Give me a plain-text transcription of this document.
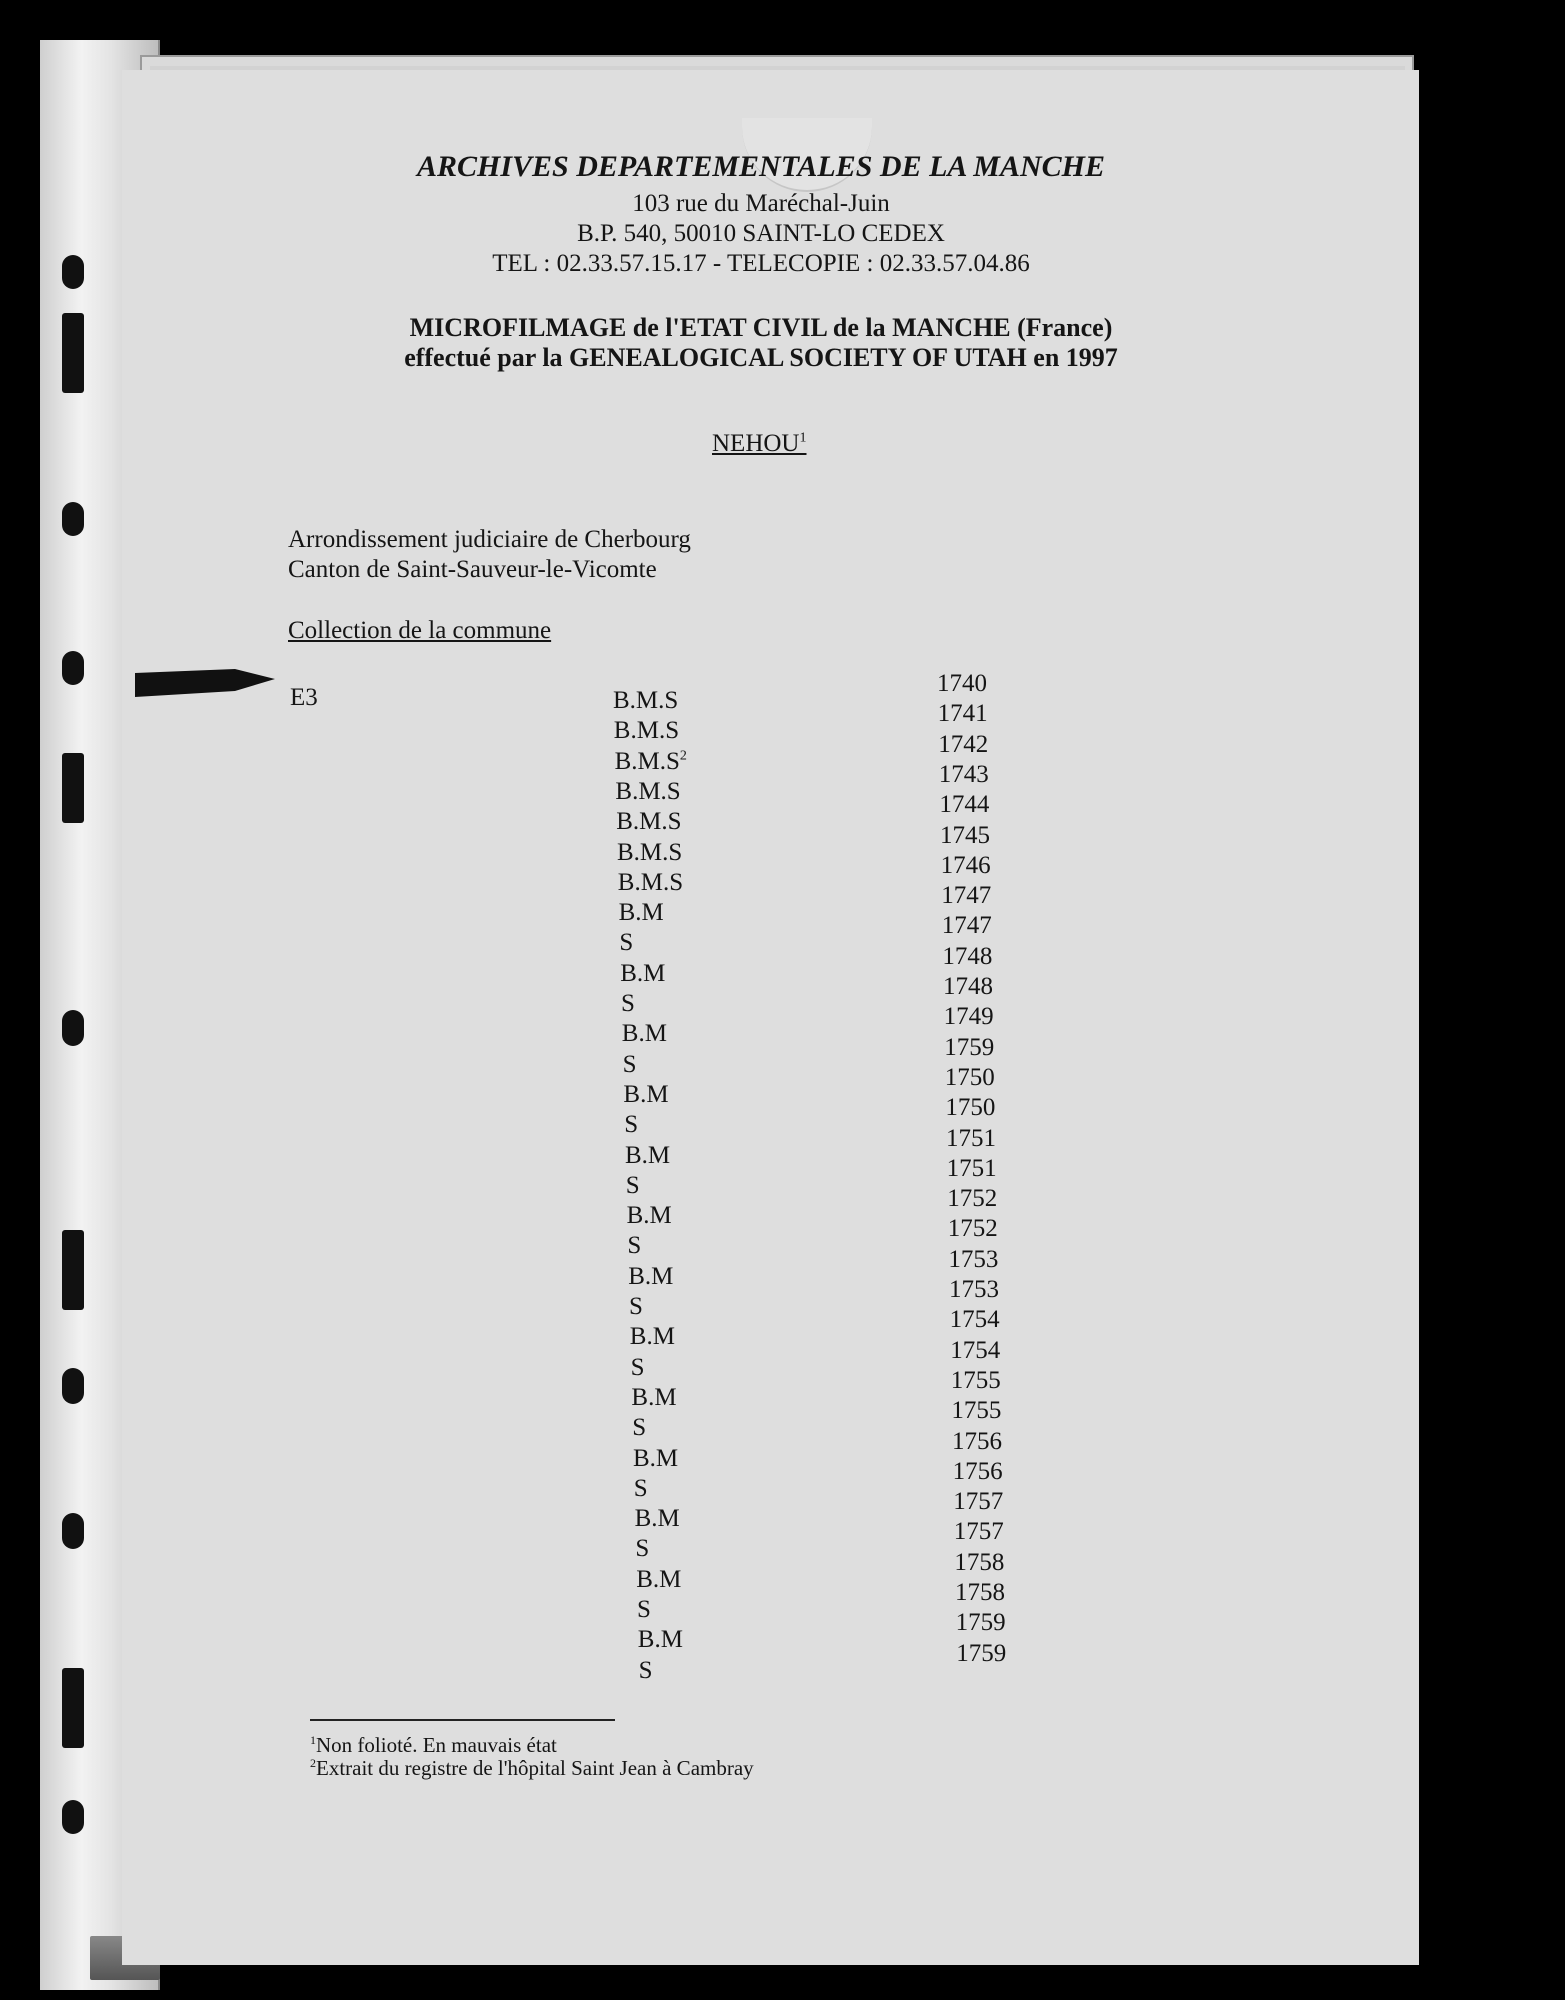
ARCHIVES DEPARTEMENTALES DE LA MANCHE
103 rue du Maréchal-Juin
B.P. 540, 50010 SAINT-LO CEDEX
TEL : 02.33.57.15.17 - TELECOPIE : 02.33.57.04.86
MICROFILMAGE de l'ETAT CIVIL de la MANCHE (France)
effectué par la GENEALOGICAL SOCIETY OF UTAH en 1997
NEHOU$^1$
Arrondissement judiciaire de Cherbourg
Canton de Saint-Sauveur-le-Vicomte
Collection de la commune
E3	B.M.S
1740
B.M.S
1741
$B.M.S^2$	1742
B.M.S
1743
B.M.S
1744
B.M.S
1745
B.M.S
1746
B.M
1747
S
1747
B.M
1748
S
1748
B.M
1749
S
1759
B.M
1750
S
1750
B.M
1751
S
1751
B.M
1752
S
1752
B.M
1753
S
1753
B.M
1754
S
1754
B.M
1755
S
1755
B.M
1756
S
1756
B.M
1757
S
1757
B.M
1758
S
1758
B.M
1759
S
1759
$^1$Non folioté. En mauvais état
$^2$Extrait du registre de l'hôpital Saint Jean à Cambray
